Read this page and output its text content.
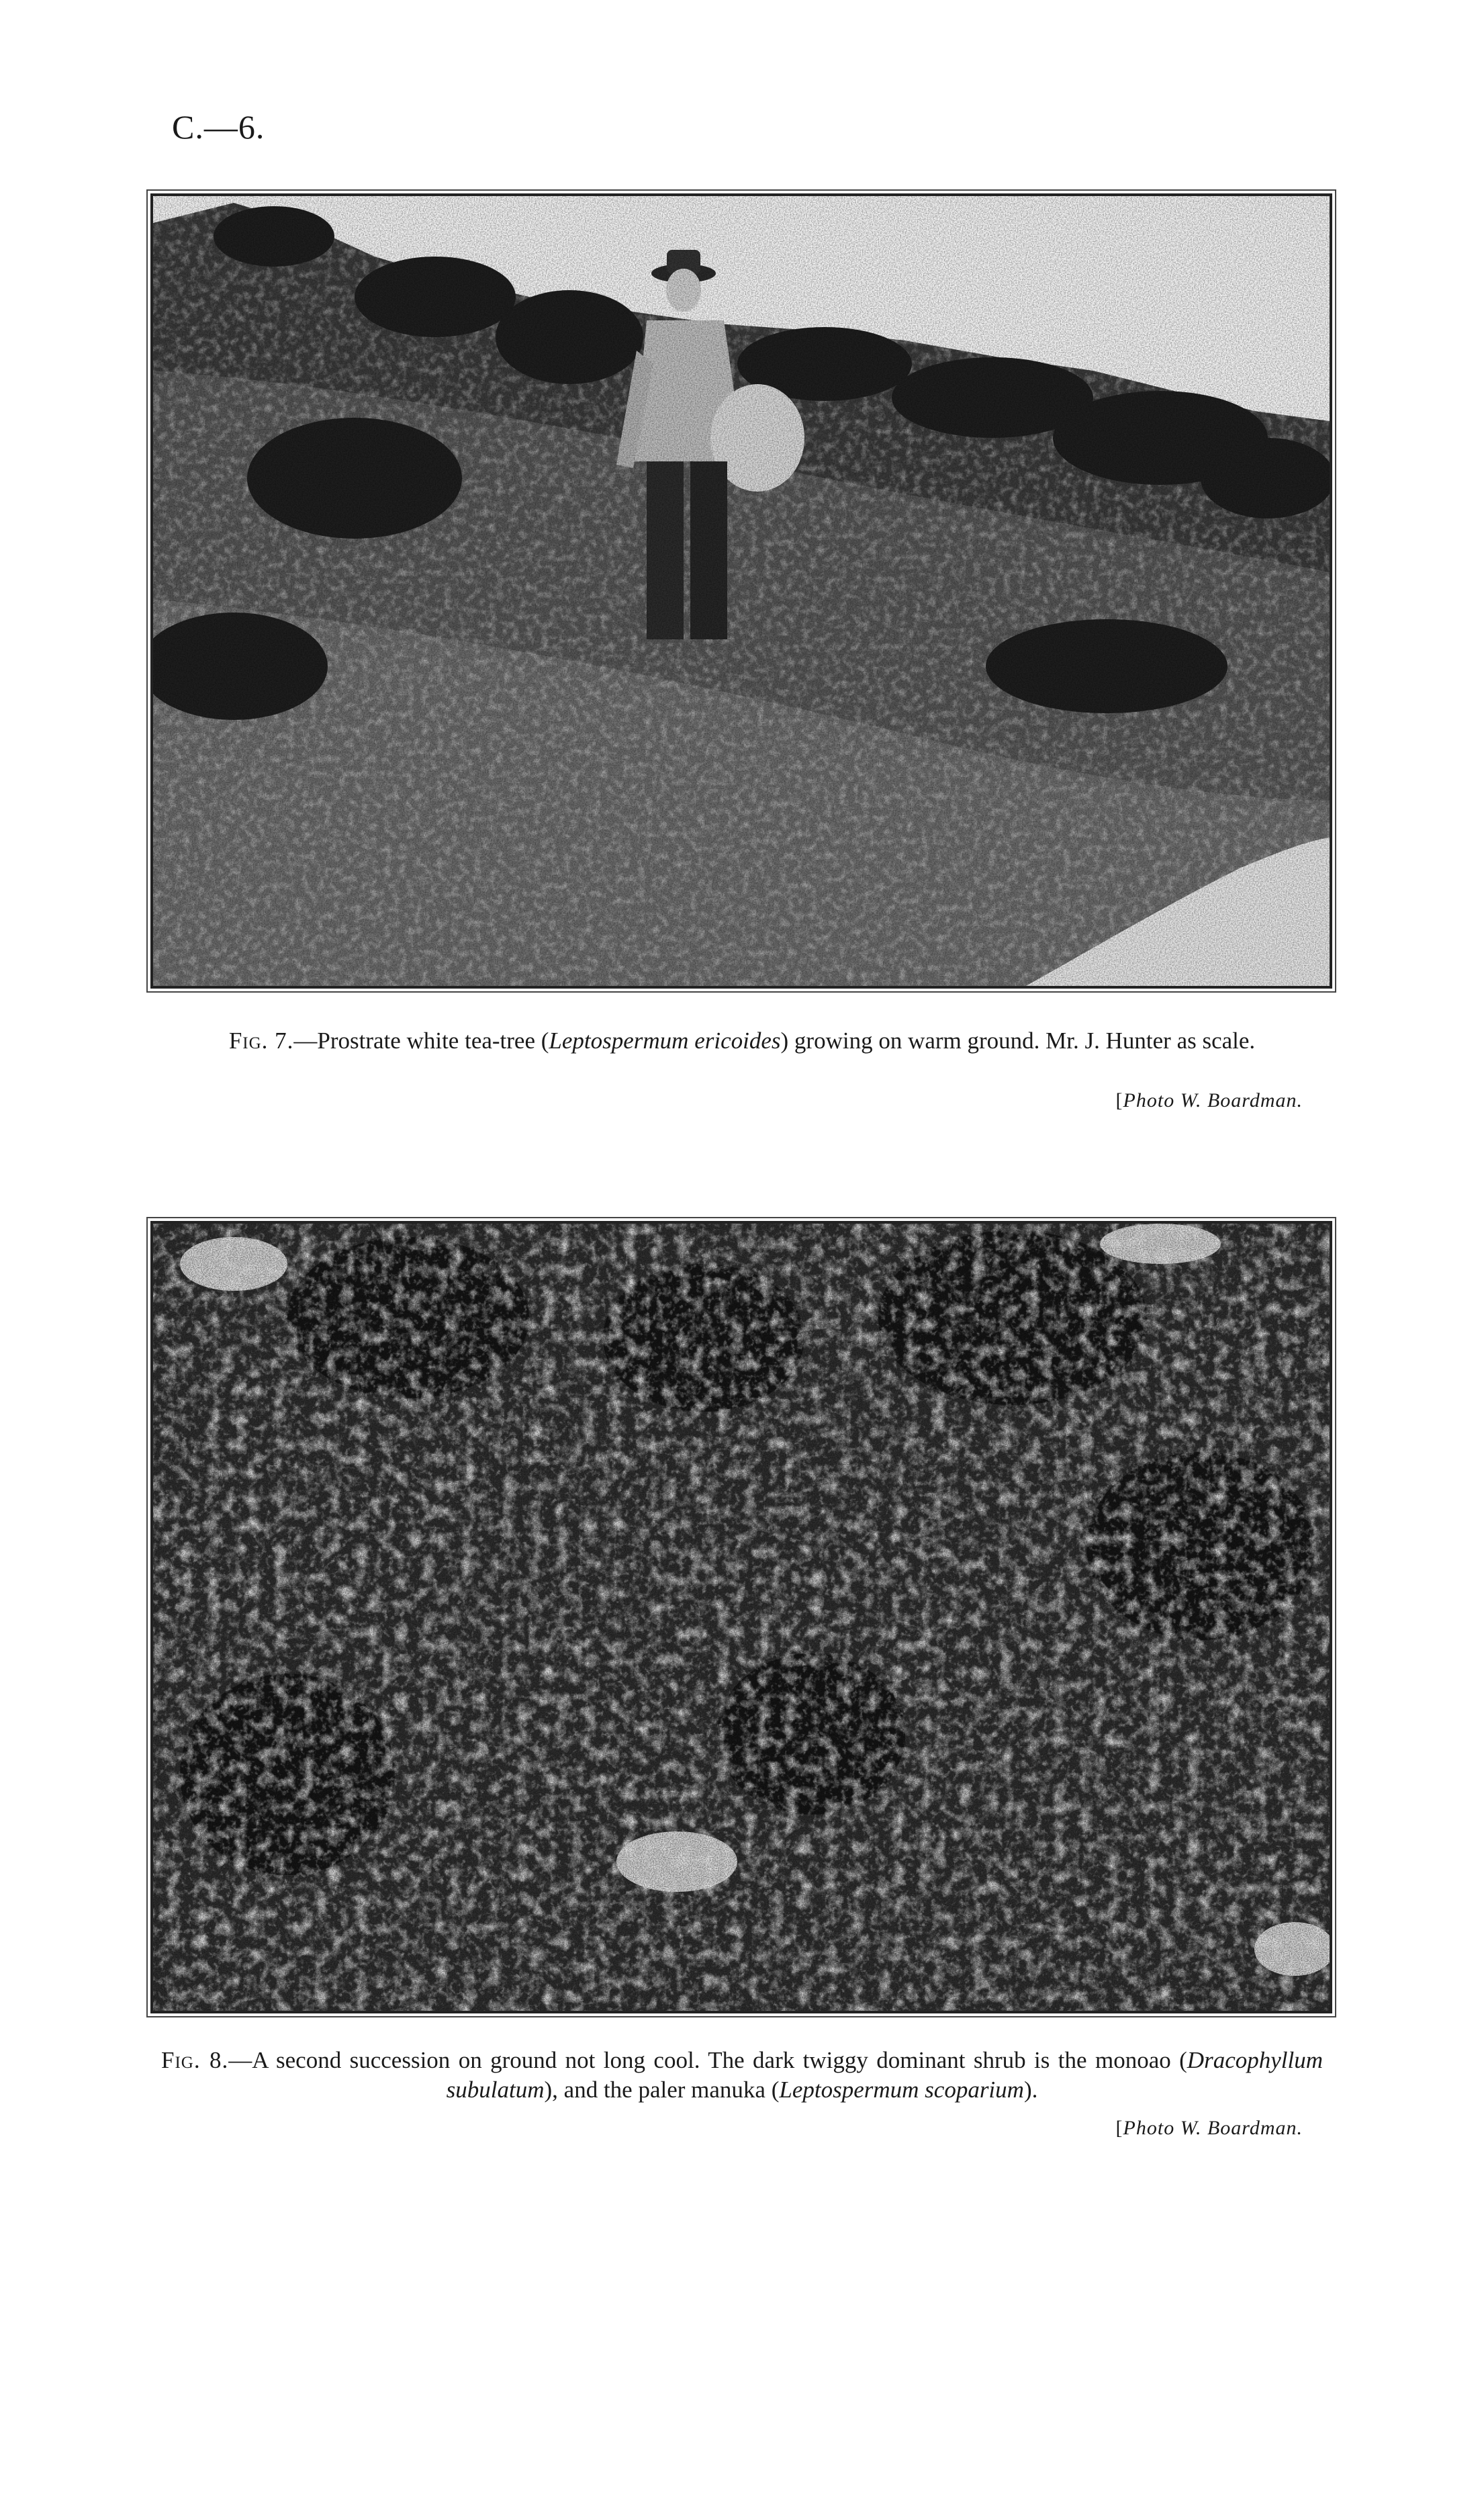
C.—6.
Fig. 7.—Prostrate white tea-tree (Leptospermum ericoides) growing on warm ground. Mr. J. Hunter as scale.
[Photo W. Boardman.
Fig. 8.—A second succession on ground not long cool. The dark twiggy dominant shrub is the monoao (Dracophyllum subulatum), and the paler manuka (Leptospermum scoparium).
[Photo W. Boardman.
